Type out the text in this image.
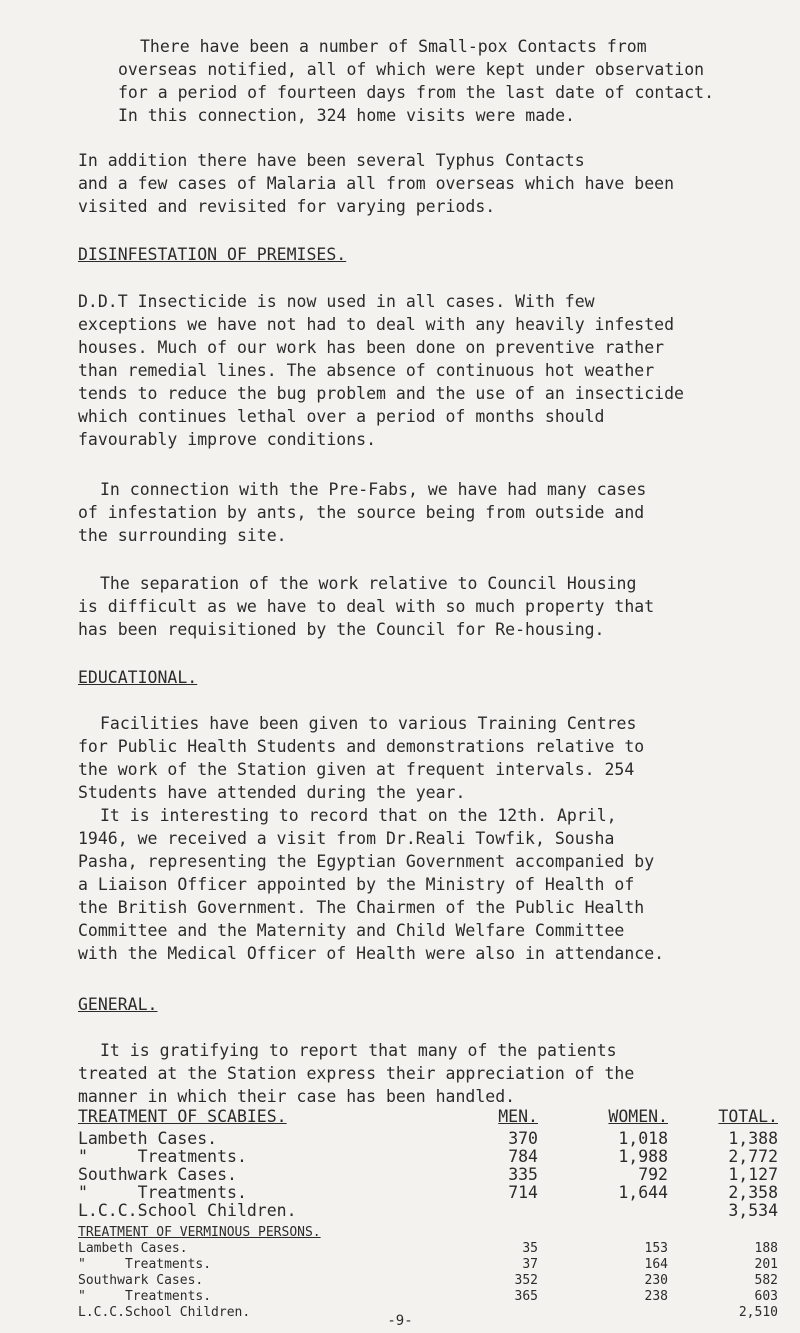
There have been a number of Small-pox Contacts from

overseas notified, all of which were kept under observation

for a period of fourteen days from the last date of contact.

In this connection, 324 home visits were made.

In addition there have been several Typhus Contacts

and a few cases of Malaria all from overseas which have been

visited and revisited for varying periods.

DISINFESTATION OF PREMISES.

D.D.T Insecticide is now used in all cases. With few

exceptions we have not had to deal with any heavily infested

houses. Much of our work has been done on preventive rather

than remedial lines. The absence of continuous hot weather

tends to reduce the bug problem and the use of an insecticide

which continues lethal over a period of months should

favourably improve conditions.

In connection with the Pre-Fabs, we have had many cases

of infestation by ants, the source being from outside and

the surrounding site.

The separation of the work relative to Council Housing

is difficult as we have to deal with so much property that

has been requisitioned by the Council for Re-housing.

EDUCATIONAL.

Facilities have been given to various Training Centres

for Public Health Students and demonstrations relative to

the work of the Station given at frequent intervals. 254

Students have attended during the year.

It is interesting to record that on the 12th. April,

1946, we received a visit from Dr.Reali Towfik, Sousha

Pasha, representing the Egyptian Government accompanied by

a Liaison Officer appointed by the Ministry of Health of

the British Government. The Chairmen of the Public Health

Committee and the Maternity and Child Welfare Committee

with the Medical Officer of Health were also in attendance.

GENERAL.

It is gratifying to report that many of the patients

treated at the Station express their appreciation of the

manner in which their case has been handled.

TREATMENT OF SCABIES.	MEN.	WOMEN.	TOTAL.
Lambeth Cases.	370	1,018	1,388
"     Treatments.	784	1,988	2,772
Southwark Cases.	335	792	1,127
"     Treatments.	714	1,644	2,358
L.C.C.School Children.			3,534
TREATMENT OF VERMINOUS PERSONS.			
Lambeth Cases.	35	153	188
"     Treatments.	37	164	201
Southwark Cases.	352	230	582
"     Treatments.	365	238	603
L.C.C.School Children.			2,510
-9-
